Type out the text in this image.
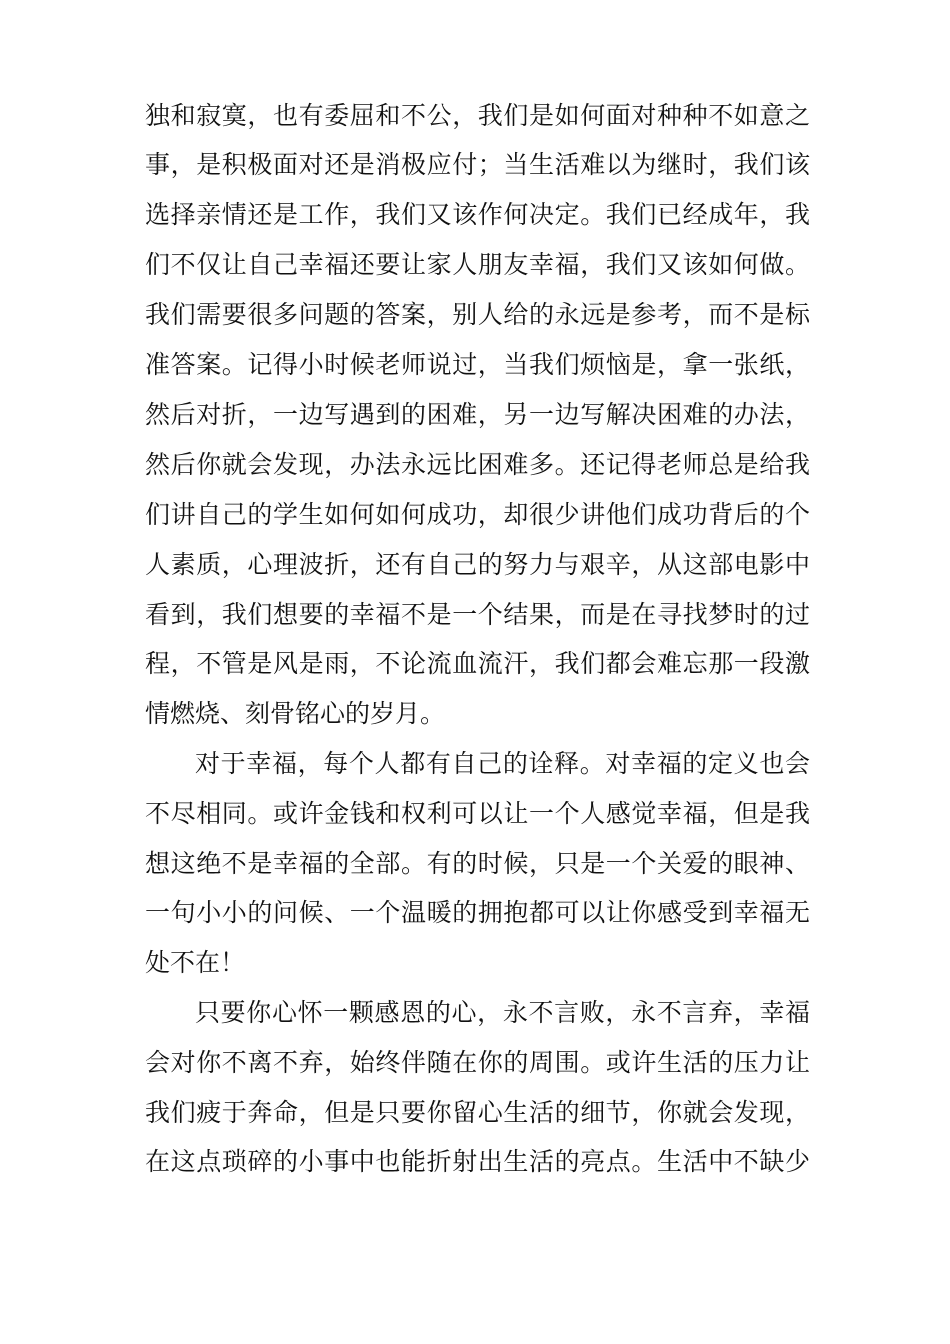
独和寂寞，也有委屈和不公，我们是如何面对种种不如意之
事，是积极面对还是消极应付；当生活难以为继时，我们该
选择亲情还是工作，我们又该作何决定。我们已经成年，我
们不仅让自己幸福还要让家人朋友幸福，我们又该如何做。
我们需要很多问题的答案，别人给的永远是参考，而不是标
准答案。记得小时候老师说过，当我们烦恼是，拿一张纸，
然后对折，一边写遇到的困难，另一边写解决困难的办法，
然后你就会发现，办法永远比困难多。还记得老师总是给我
们讲自己的学生如何如何成功，却很少讲他们成功背后的个
人素质，心理波折，还有自己的努力与艰辛，从这部电影中
看到，我们想要的幸福不是一个结果，而是在寻找梦时的过
程，不管是风是雨，不论流血流汗，我们都会难忘那一段激
情燃烧、刻骨铭心的岁月。
对于幸福，每个人都有自己的诠释。对幸福的定义也会
不尽相同。或许金钱和权利可以让一个人感觉幸福，但是我
想这绝不是幸福的全部。有的时候，只是一个关爱的眼神、
一句小小的问候、一个温暖的拥抱都可以让你感受到幸福无
处不在！
只要你心怀一颗感恩的心，永不言败，永不言弃，幸福
会对你不离不弃，始终伴随在你的周围。或许生活的压力让
我们疲于奔命，但是只要你留心生活的细节，你就会发现，
在这点琐碎的小事中也能折射出生活的亮点。生活中不缺少
